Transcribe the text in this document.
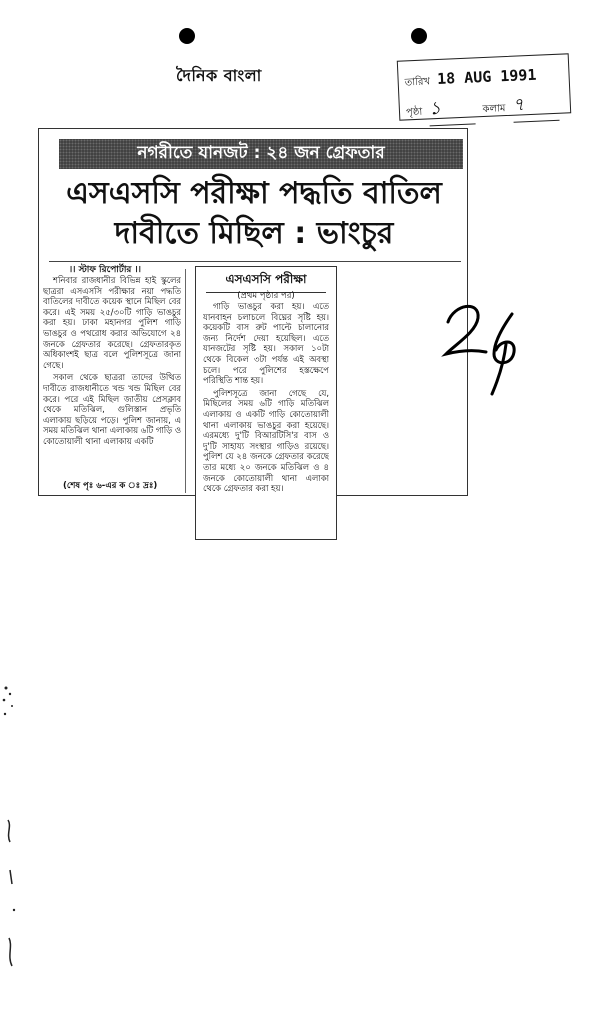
দৈনিক বাংলা	তারিখ 18 AUG 1991
পৃষ্ঠা ১	কলাম ৭
নগরীতে যানজট : ২৪ জন গ্রেফতার
এসএসসি পরীক্ষা পদ্ধতি বাতিল
দাবীতে মিছিল : ভাংচুর
।। স্টাফ রিপোর্টার ।।

শনিবার রাজধানীর বিভিন্ন হাই স্কুলের ছাত্ররা এসএসসি পরীক্ষার নয়া পদ্ধতি বাতিলের দাবীতে কয়েক স্থানে মিছিল বের করে। এই সময় ২৫/৩০টি গাড়ি ভাঙচুর করা হয়। ঢাকা মহানগর পুলিশ গাড়ি ভাঙচুর ও পথরোধ করার অভিযোগে ২৪ জনকে গ্রেফতার করেছে। গ্রেফতারকৃত অধিকাংশই ছাত্র বলে পুলিশসূত্রে জানা গেছে।

সকাল থেকে ছাত্ররা তাদের উত্থিত দাবীতে রাজধানীতে খন্ড খন্ড মিছিল বের করে। পরে এই মিছিল জাতীয় প্রেসক্লাব থেকে মতিঝিল, গুলিস্তান প্রভৃতি এলাকায় ছড়িয়ে পড়ে। পুলিশ জানায়, এ সময় মতিঝিল থানা এলাকায় ৬টি গাড়ি ও কোতোয়ালী থানা এলাকায় একটি

(শেষ পৃঃ ৬-এর ক ঃ দ্রঃ)
এসএসসি পরীক্ষা
(প্রথম পৃষ্ঠার পর)

গাড়ি ভাঙচুর করা হয়। এতে যানবাহন চলাচলে বিঘ্নের সৃষ্টি হয়। কয়েকটি বাস রুট পাল্টে চালানোর জন্য নির্দেশ দেয়া হয়েছিল। এতে যানজটের সৃষ্টি হয়। সকাল ১০টা থেকে বিকেল ৩টা পর্যন্ত এই অবস্থা চলে। পরে পুলিশের হস্তক্ষেপে পরিস্থিতি শান্ত হয়।

পুলিশসূত্রে জানা গেছে যে, মিছিলের সময় ৬টি গাড়ি মতিঝিল এলাকায় ও একটি গাড়ি কোতোয়ালী থানা এলাকায় ভাঙচুর করা হয়েছে। এরমধ্যে দু'টি বিআরটিসি'র বাস ও দু'টি সাহায্য সংস্থার গাড়িও রয়েছে। পুলিশ যে ২৪ জনকে গ্রেফতার করেছে তার মধ্যে ২০ জনকে মতিঝিল ও ৪ জনকে কোতোয়ালী থানা এলাকা থেকে গ্রেফতার করা হয়।
